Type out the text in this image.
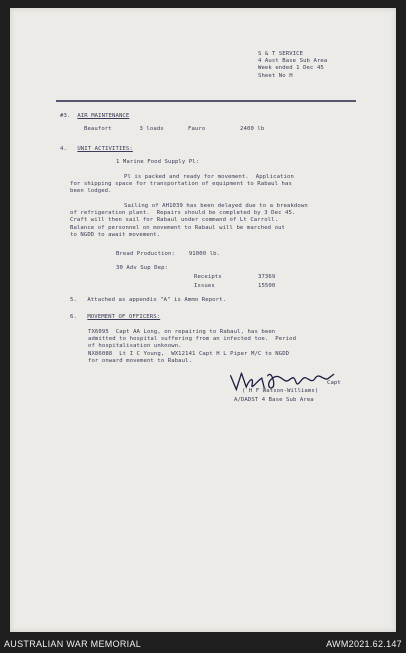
S & T SERVICE
4 Aust Base Sub Area
Week ended 1 Dec 45
Sheet No H
#3. AIR MAINTENANCE
Beaufort        3 loads       Fauro          2400 lb
4. UNIT ACTIVITIES:
1 Marine Food Supply Pl:
Pl is packed and ready for movement.  Application
for shipping space for transportation of equipment to Rabaul has
been lodged.
Sailing of AH1039 has been delayed due to a breakdown
of refrigeration plant.  Repairs should be completed by 3 Dec 45.
Craft will then sail for Rabaul under command of Lt Carroll.
Balance of personnel on movement to Rabaul will be marched out
to NGDD to await movement.
Bread Production:    91000 lb.
30 Adv Sup Dep:
Receipts	37369
Issues	15500
5.   Attached as appendix "A" is Ammo Report.
6. MOVEMENT OF OFFICERS:
TX6095  Capt AA Long, on repairing to Rabaul, has been
admitted to hospital suffering from an infected toe.  Period
of hospitalisation unknown.
NX86088  Lt I C Young,  WX12141 Capt H L Piper M/C to NGDD
for onward movement to Rabaul.
Capt
( H F Watson-Williams)
A/DADST 4 Base Sub Area
AUSTRALIAN WAR MEMORIAL	AWM2021.62.147
